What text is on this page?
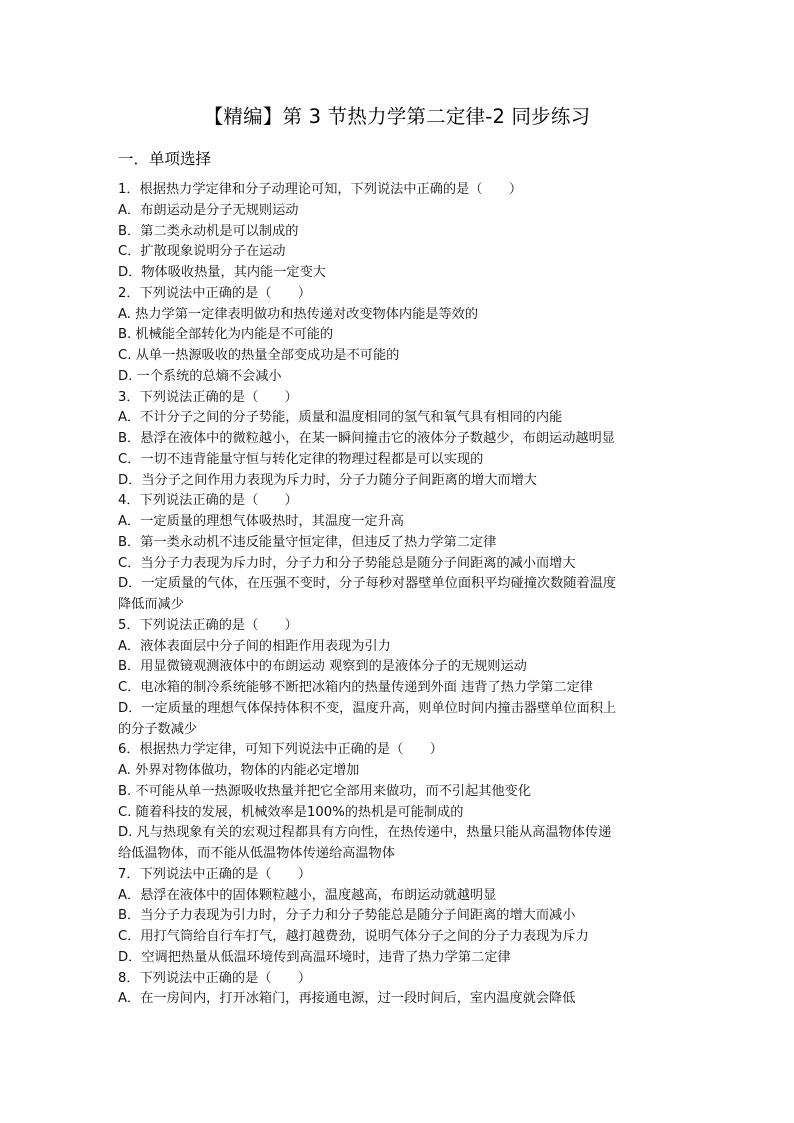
【精编】第 3 节热力学第二定律-2 同步练习
一．单项选择
1．根据热力学定律和分子动理论可知，下列说法中正确的是（　　）
A．布朗运动是分子无规则运动
B．第二类永动机是可以制成的
C．扩散现象说明分子在运动
D．物体吸收热量，其内能一定变大
2．下列说法中正确的是（　　）
A. 热力学第一定律表明做功和热传递对改变物体内能是等效的
B. 机械能全部转化为内能是不可能的
C. 从单一热源吸收的热量全部变成功是不可能的
D. 一个系统的总熵不会减小
3．下列说法正确的是（　　）
A．不计分子之间的分子势能，质量和温度相同的氢气和氧气具有相同的内能
B．悬浮在液体中的微粒越小，在某一瞬间撞击它的液体分子数越少，布朗运动越明显
C．一切不违背能量守恒与转化定律的物理过程都是可以实现的
D．当分子之间作用力表现为斥力时，分子力随分子间距离的增大而增大
4．下列说法正确的是（　　）
A．一定质量的理想气体吸热时，其温度一定升高
B．第一类永动机不违反能量守恒定律，但违反了热力学第二定律
C．当分子力表现为斥力时，分子力和分子势能总是随分子间距离的减小而增大
D．一定质量的气体，在压强不变时，分子每秒对器壁单位面积平均碰撞次数随着温度
降低而减少
5．下列说法正确的是（　　）
A．液体表面层中分子间的相距作用表现为引力
B．用显微镜观测液体中的布朗运动 观察到的是液体分子的无规则运动
C．电冰箱的制冷系统能够不断把冰箱内的热量传递到外面 违背了热力学第二定律
D．一定质量的理想气体保持体积不变，温度升高，则单位时间内撞击器壁单位面积上
的分子数减少
6．根据热力学定律，可知下列说法中正确的是（　　）
A. 外界对物体做功，物体的内能必定增加
B. 不可能从单一热源吸收热量并把它全部用来做功，而不引起其他变化
C. 随着科技的发展，机械效率是100%的热机是可能制成的
D. 凡与热现象有关的宏观过程都具有方向性，在热传递中，热量只能从高温物体传递
给低温物体，而不能从低温物体传递给高温物体
7．下列说法中正确的是（　　）
A．悬浮在液体中的固体颗粒越小，温度越高，布朗运动就越明显
B．当分子力表现为引力时，分子力和分子势能总是随分子间距离的增大而减小
C．用打气筒给自行车打气，越打越费劲，说明气体分子之间的分子力表现为斥力
D．空调把热量从低温环境传到高温环境时，违背了热力学第二定律
8．下列说法中正确的是（　　）
A．在一房间内，打开冰箱门，再接通电源，过一段时间后，室内温度就会降低
